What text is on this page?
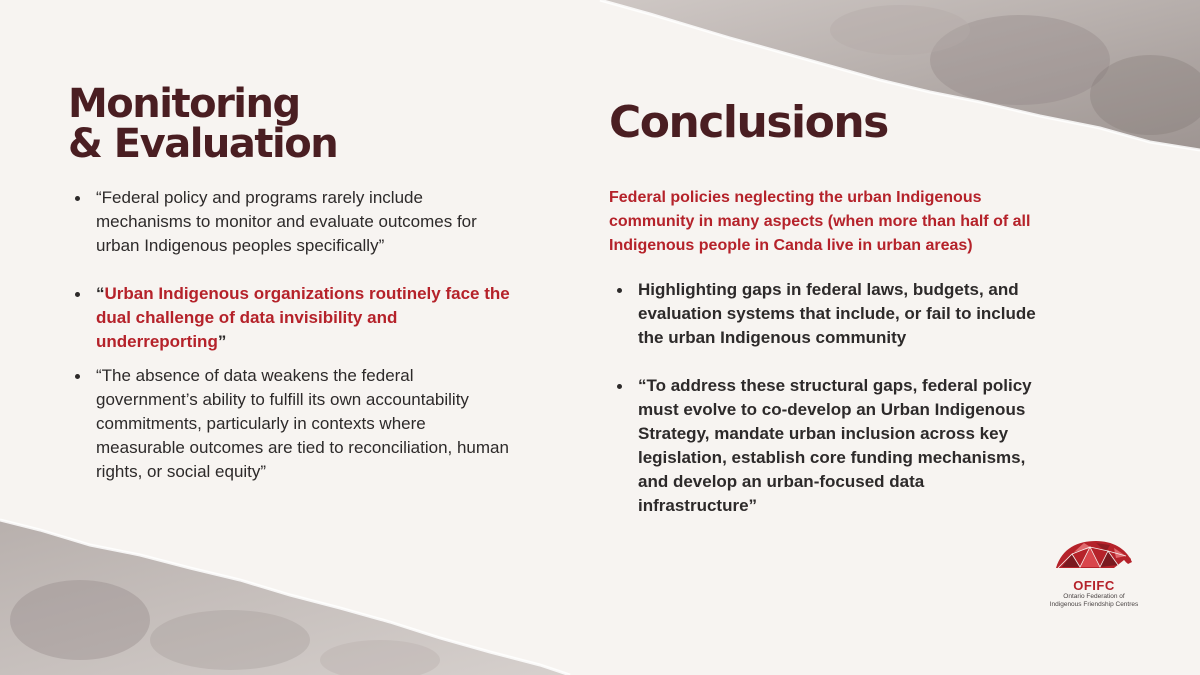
Monitoring
& Evaluation
“Federal policy and programs rarely include mechanisms to monitor and evaluate outcomes for urban Indigenous peoples specifically”
“Urban Indigenous organizations routinely face the dual challenge of data invisibility and underreporting”
“The absence of data weakens the federal government’s ability to fulfill its own accountability commitments, particularly in contexts where measurable outcomes are tied to reconciliation, human rights, or social equity”
Conclusions

Federal policies neglecting the urban Indigenous community in many aspects (when more than half of all Indigenous people in Canda live in urban areas)

Highlighting gaps in federal laws, budgets, and evaluation systems that include, or fail to include the urban Indigenous community
“To address these structural gaps, federal policy must evolve to co-develop an Urban Indigenous Strategy, mandate urban inclusion across key legislation, establish core funding mechanisms, and develop an urban-focused data infrastructure”
OFIFC
Ontario Federation of
Indigenous Friendship Centres
